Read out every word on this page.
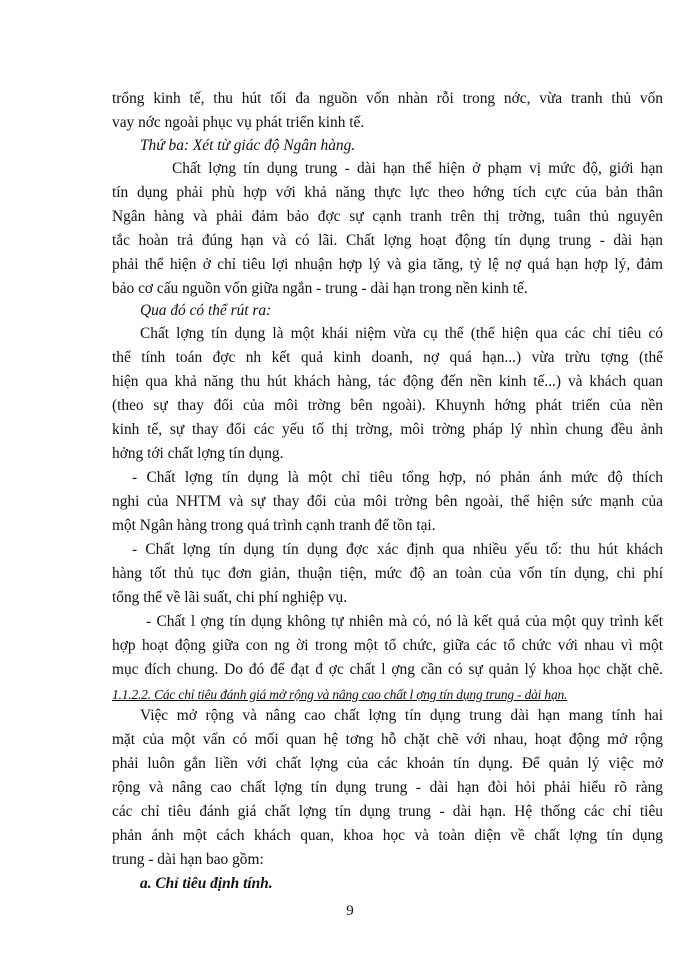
trổng kinh tế, thu hút tối đa nguồn vốn nhàn rỗi trong nớc, vừa tranh thủ vốn
vay nớc ngoài phục vụ phát triển kinh tế.
Thứ ba: Xét từ giác độ Ngân hàng.
Chất lợng tín dụng trung - dài hạn thể hiện ở phạm vị mức độ, giới hạn
tín dụng phải phù hợp với khả năng thực lực theo hớng tích cực của bản thân
Ngân hàng và phải đảm bảo đợc sự cạnh tranh trên thị trờng, tuân thủ nguyên
tắc hoàn trả đúng hạn và có lãi. Chất lợng hoạt động tín dụng trung - dài hạn
phải thể hiện ở chỉ tiêu lợi nhuận hợp lý và gia tăng, tỷ lệ nợ quá hạn hợp lý, đảm
bảo cơ cấu nguồn vốn giữa ngắn - trung - dài hạn trong nền kinh tế.
Qua đó có thể rút ra:
Chất lợng tín dụng là một khái niệm vừa cụ thể (thể hiện qua các chỉ tiêu có
thể tính toán đợc nh kết quả kinh doanh, nợ quá hạn...) vừa trừu tợng (thể
hiện qua khả năng thu hút khách hàng, tác động đến nền kinh tế...) và khách quan
(theo sự thay đổi của môi trờng bên ngoài). Khuynh hớng phát triển của nền
kinh tế, sự thay đổi các yếu tố thị trờng, môi trờng pháp lý nhìn chung đều ảnh
hởng tới chất lợng tín dụng.
- Chất lợng tín dụng là một chỉ tiêu tổng hợp, nó phản ánh mức độ thích
nghi của NHTM và sự thay đổi của môi trờng bên ngoài, thể hiện sức mạnh của
một Ngân hàng trong quá trình cạnh tranh để tồn tại.
- Chất lợng tín dụng tín dụng đợc xác định qua nhiều yếu tố: thu hút khách
hàng tốt thủ tục đơn giản, thuận tiện, mức độ an toàn của vốn tín dụng, chi phí
tổng thể về lãi suất, chi phí nghiệp vụ.
- Chất l ợng tín dụng không tự nhiên mà có, nó là kết quả của một quy trình kết
hợp hoạt động giữa con ng ời trong một tổ chức, giữa các tổ chức với nhau vì một
mục đích chung. Do đó để đạt đ ợc chất l ợng cần có sự quản lý khoa học chặt chẽ.
1.1.2.2. Các chỉ tiêu đánh giá mở rộng và nâng cao chất l ợng tín dụng trung - dài hạn.
Việc mở rộng và nâng cao chất lợng tín dụng trung dài hạn mang tính hai
mặt của một vấn có mối quan hệ tơng hỗ chặt chẽ với nhau, hoạt động mở rộng
phải luôn gắn liền với chất lợng của các khoản tín dụng. Để quản lý việc mở
rộng và nâng cao chất lợng tín dụng trung - dài hạn đòi hỏi phải hiểu rõ ràng
các chỉ tiêu đánh giá chất lợng tín dụng trung - dài hạn. Hệ thống các chỉ tiêu
phản ánh một cách khách quan, khoa học và toàn diện về chất lợng tín dụng
trung - dài hạn bao gồm:
a. Chỉ tiêu định tính.
9
